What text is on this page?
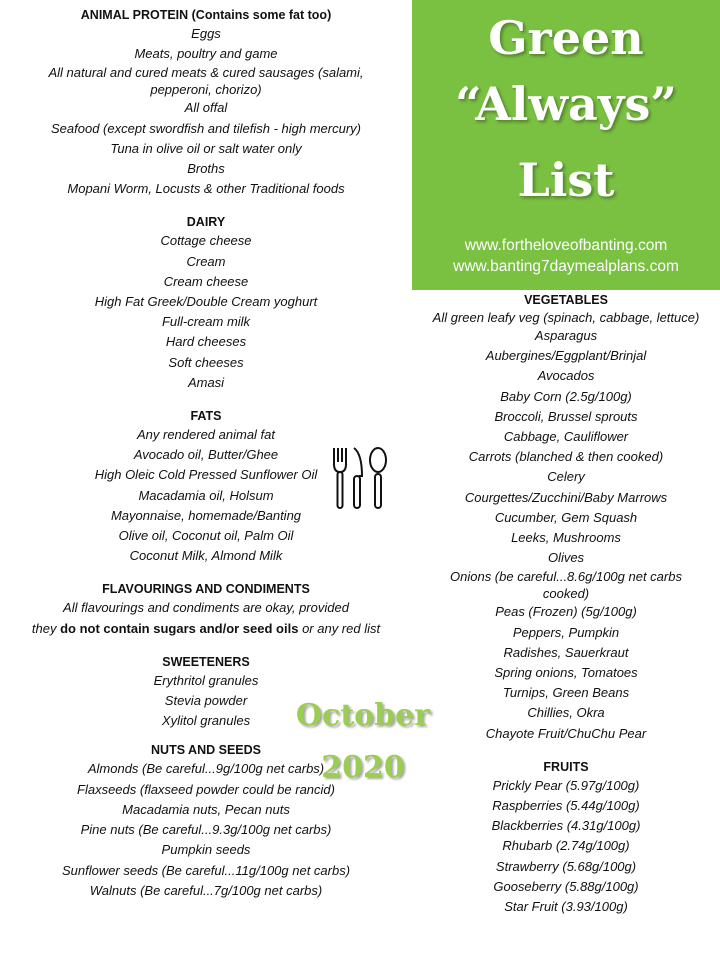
ANIMAL PROTEIN (Contains some fat too)

Eggs

Meats, poultry and game

All natural and cured meats & cured sausages (salami, pepperoni, chorizo)

All offal

Seafood (except swordfish and tilefish - high mercury)

Tuna in olive oil or salt water only

Broths

Mopani Worm, Locusts & other Traditional foods

DAIRY

Cottage cheese

Cream

Cream cheese

High Fat Greek/Double Cream yoghurt

Full-cream milk

Hard cheeses

Soft cheeses

Amasi

FATS

Any rendered animal fat

Avocado oil, Butter/Ghee

High Oleic Cold Pressed Sunflower Oil

Macadamia oil, Holsum

Mayonnaise, homemade/Banting

Olive oil, Coconut oil, Palm Oil

Coconut Milk, Almond Milk

FLAVOURINGS AND CONDIMENTS

All flavourings and condiments are okay, provided

they do not contain sugars and/or seed oils or any red list

SWEETENERS

Erythritol granules

Stevia powder

Xylitol granules

NUTS AND SEEDS

Almonds (Be careful...9g/100g net carbs)

Flaxseeds (flaxseed powder could be rancid)

Macadamia nuts, Pecan nuts

Pine nuts (Be careful...9.3g/100g net carbs)

Pumpkin seeds

Sunflower seeds (Be careful...11g/100g net carbs)

Walnuts (Be careful...7g/100g net carbs)

Green
“Always”
List
www.fortheloveofbanting.com
www.banting7daymealplans.com
October
2020

VEGETABLES

All green leafy veg (spinach, cabbage, lettuce)

Asparagus

Aubergines/Eggplant/Brinjal

Avocados

Baby Corn (2.5g/100g)

Broccoli, Brussel sprouts

Cabbage, Cauliflower

Carrots (blanched & then cooked)

Celery

Courgettes/Zucchini/Baby Marrows

Cucumber, Gem Squash

Leeks, Mushrooms

Olives

Onions (be careful...8.6g/100g net carbs cooked)

Peas (Frozen) (5g/100g)

Peppers, Pumpkin

Radishes, Sauerkraut

Spring onions, Tomatoes

Turnips, Green Beans

Chillies, Okra

Chayote Fruit/ChuChu Pear

FRUITS

Prickly Pear (5.97g/100g)

Raspberries (5.44g/100g)

Blackberries (4.31g/100g)

Rhubarb (2.74g/100g)

Strawberry (5.68g/100g)

Gooseberry (5.88g/100g)

Star Fruit (3.93/100g)
